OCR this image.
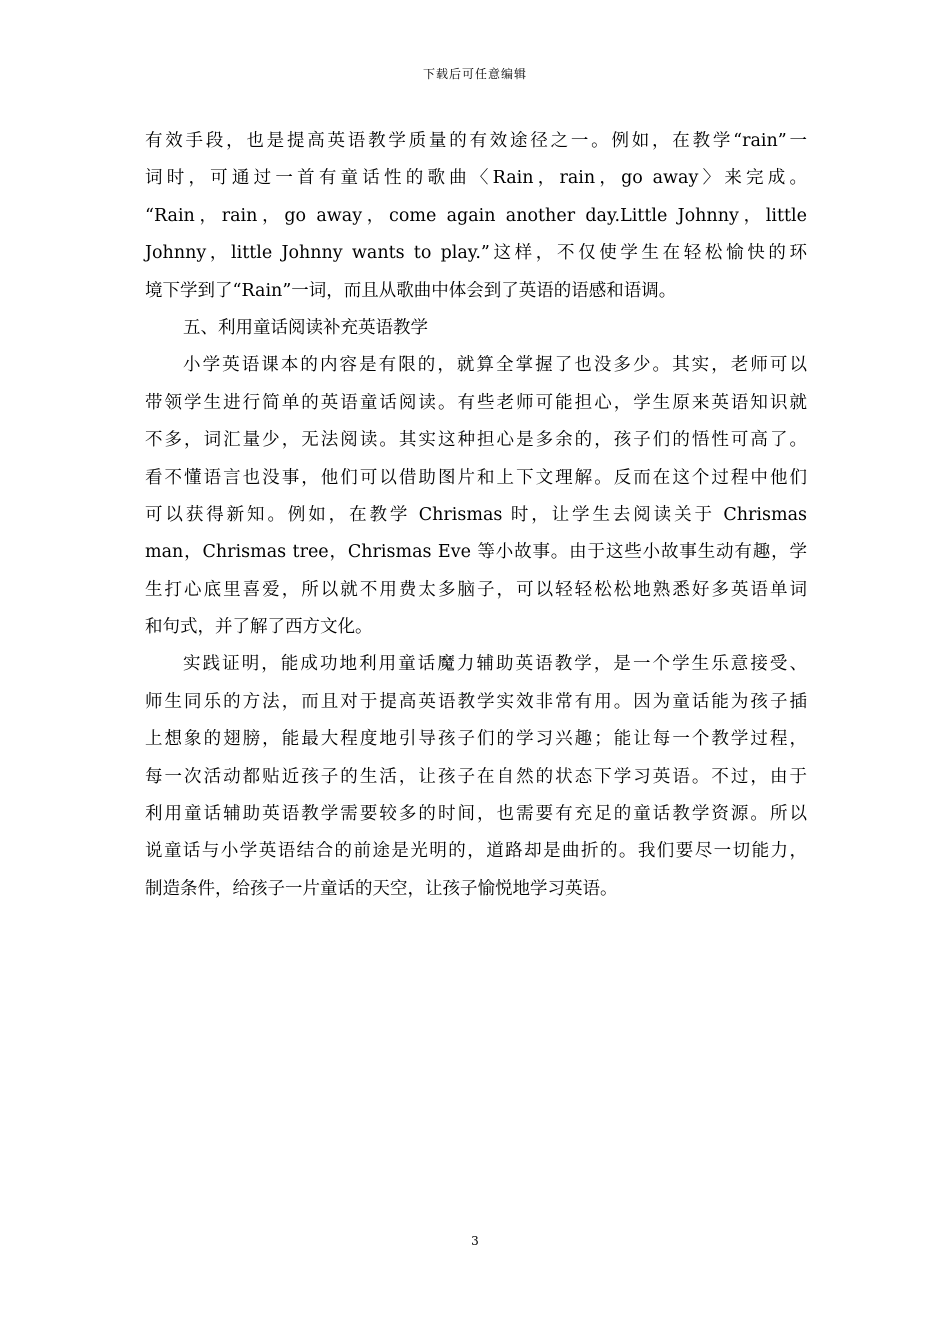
下载后可任意编辑
有效手段，也是提高英语教学质量的有效途径之一。例如，在教学“rain”一
词时，可通过一首有童话性的歌曲〈Rain，rain，go away〉来完成。
“Rain，rain，go away，come again another day.Little Johnny，little
Johnny，little Johnny wants to play.”这样，不仅使学生在轻松愉快的环
境下学到了“Rain”一词，而且从歌曲中体会到了英语的语感和语调。
五、利用童话阅读补充英语教学
小学英语课本的内容是有限的，就算全掌握了也没多少。其实，老师可以
带领学生进行简单的英语童话阅读。有些老师可能担心，学生原来英语知识就
不多，词汇量少，无法阅读。其实这种担心是多余的，孩子们的悟性可高了。
看不懂语言也没事，他们可以借助图片和上下文理解。反而在这个过程中他们
可以获得新知。例如，在教学 Chrismas 时，让学生去阅读关于 Chrismas
man，Chrismas tree，Chrismas Eve 等小故事。由于这些小故事生动有趣，学
生打心底里喜爱，所以就不用费太多脑子，可以轻轻松松地熟悉好多英语单词
和句式，并了解了西方文化。
实践证明，能成功地利用童话魔力辅助英语教学，是一个学生乐意接受、
师生同乐的方法，而且对于提高英语教学实效非常有用。因为童话能为孩子插
上想象的翅膀，能最大程度地引导孩子们的学习兴趣；能让每一个教学过程，
每一次活动都贴近孩子的生活，让孩子在自然的状态下学习英语。不过，由于
利用童话辅助英语教学需要较多的时间，也需要有充足的童话教学资源。所以
说童话与小学英语结合的前途是光明的，道路却是曲折的。我们要尽一切能力，
制造条件，给孩子一片童话的天空，让孩子愉悦地学习英语。
3
